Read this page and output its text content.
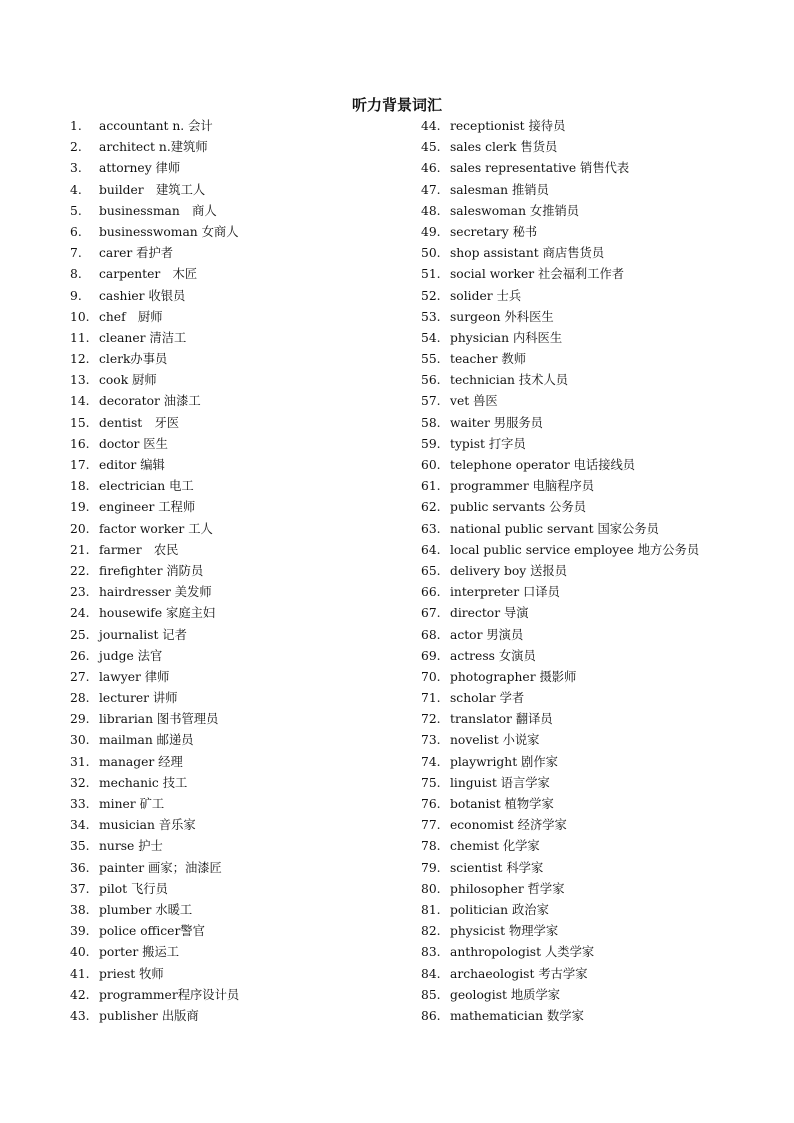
听力背景词汇
1. accountant n. 会计
2. architect n.建筑师
3. attorney 律师
4. builder　建筑工人
5. businessman　商人
6. businesswoman 女商人
7. carer 看护者
8. carpenter　木匠
9. cashier 收银员
10. chef　厨师
11. cleaner 清洁工
12. clerk办事员
13. cook 厨师
14. decorator 油漆工
15. dentist　牙医
16. doctor 医生
17. editor 编辑
18. electrician 电工
19. engineer 工程师
20. factor worker 工人
21. farmer　农民
22. firefighter 消防员
23. hairdresser 美发师
24. housewife 家庭主妇
25. journalist 记者
26. judge 法官
27. lawyer 律师
28. lecturer 讲师
29. librarian 图书管理员
30. mailman 邮递员
31. manager 经理
32. mechanic 技工
33. miner 矿工
34. musician 音乐家
35. nurse 护士
36. painter 画家；油漆匠
37. pilot 飞行员
38. plumber 水暖工
39. police officer警官
40. porter 搬运工
41. priest 牧师
42. programmer程序设计员
43. publisher 出版商
44. receptionist 接待员
45. sales clerk 售货员
46. sales representative 销售代表
47. salesman 推销员
48. saleswoman 女推销员
49. secretary 秘书
50. shop assistant 商店售货员
51. social worker 社会福利工作者
52. solider 士兵
53. surgeon 外科医生
54. physician 内科医生
55. teacher 教师
56. technician 技术人员
57. vet 兽医
58. waiter 男服务员
59. typist 打字员
60. telephone operator 电话接线员
61. programmer 电脑程序员
62. public servants 公务员
63. national public servant 国家公务员
64. local public service employee 地方公务员
65. delivery boy 送报员
66. interpreter 口译员
67. director 导演
68. actor 男演员
69. actress 女演员
70. photographer 摄影师
71. scholar 学者
72. translator 翻译员
73. novelist 小说家
74. playwright 剧作家
75. linguist 语言学家
76. botanist 植物学家
77. economist 经济学家
78. chemist 化学家
79. scientist 科学家
80. philosopher 哲学家
81. politician 政治家
82. physicist 物理学家
83. anthropologist 人类学家
84. archaeologist 考古学家
85. geologist 地质学家
86. mathematician 数学家
